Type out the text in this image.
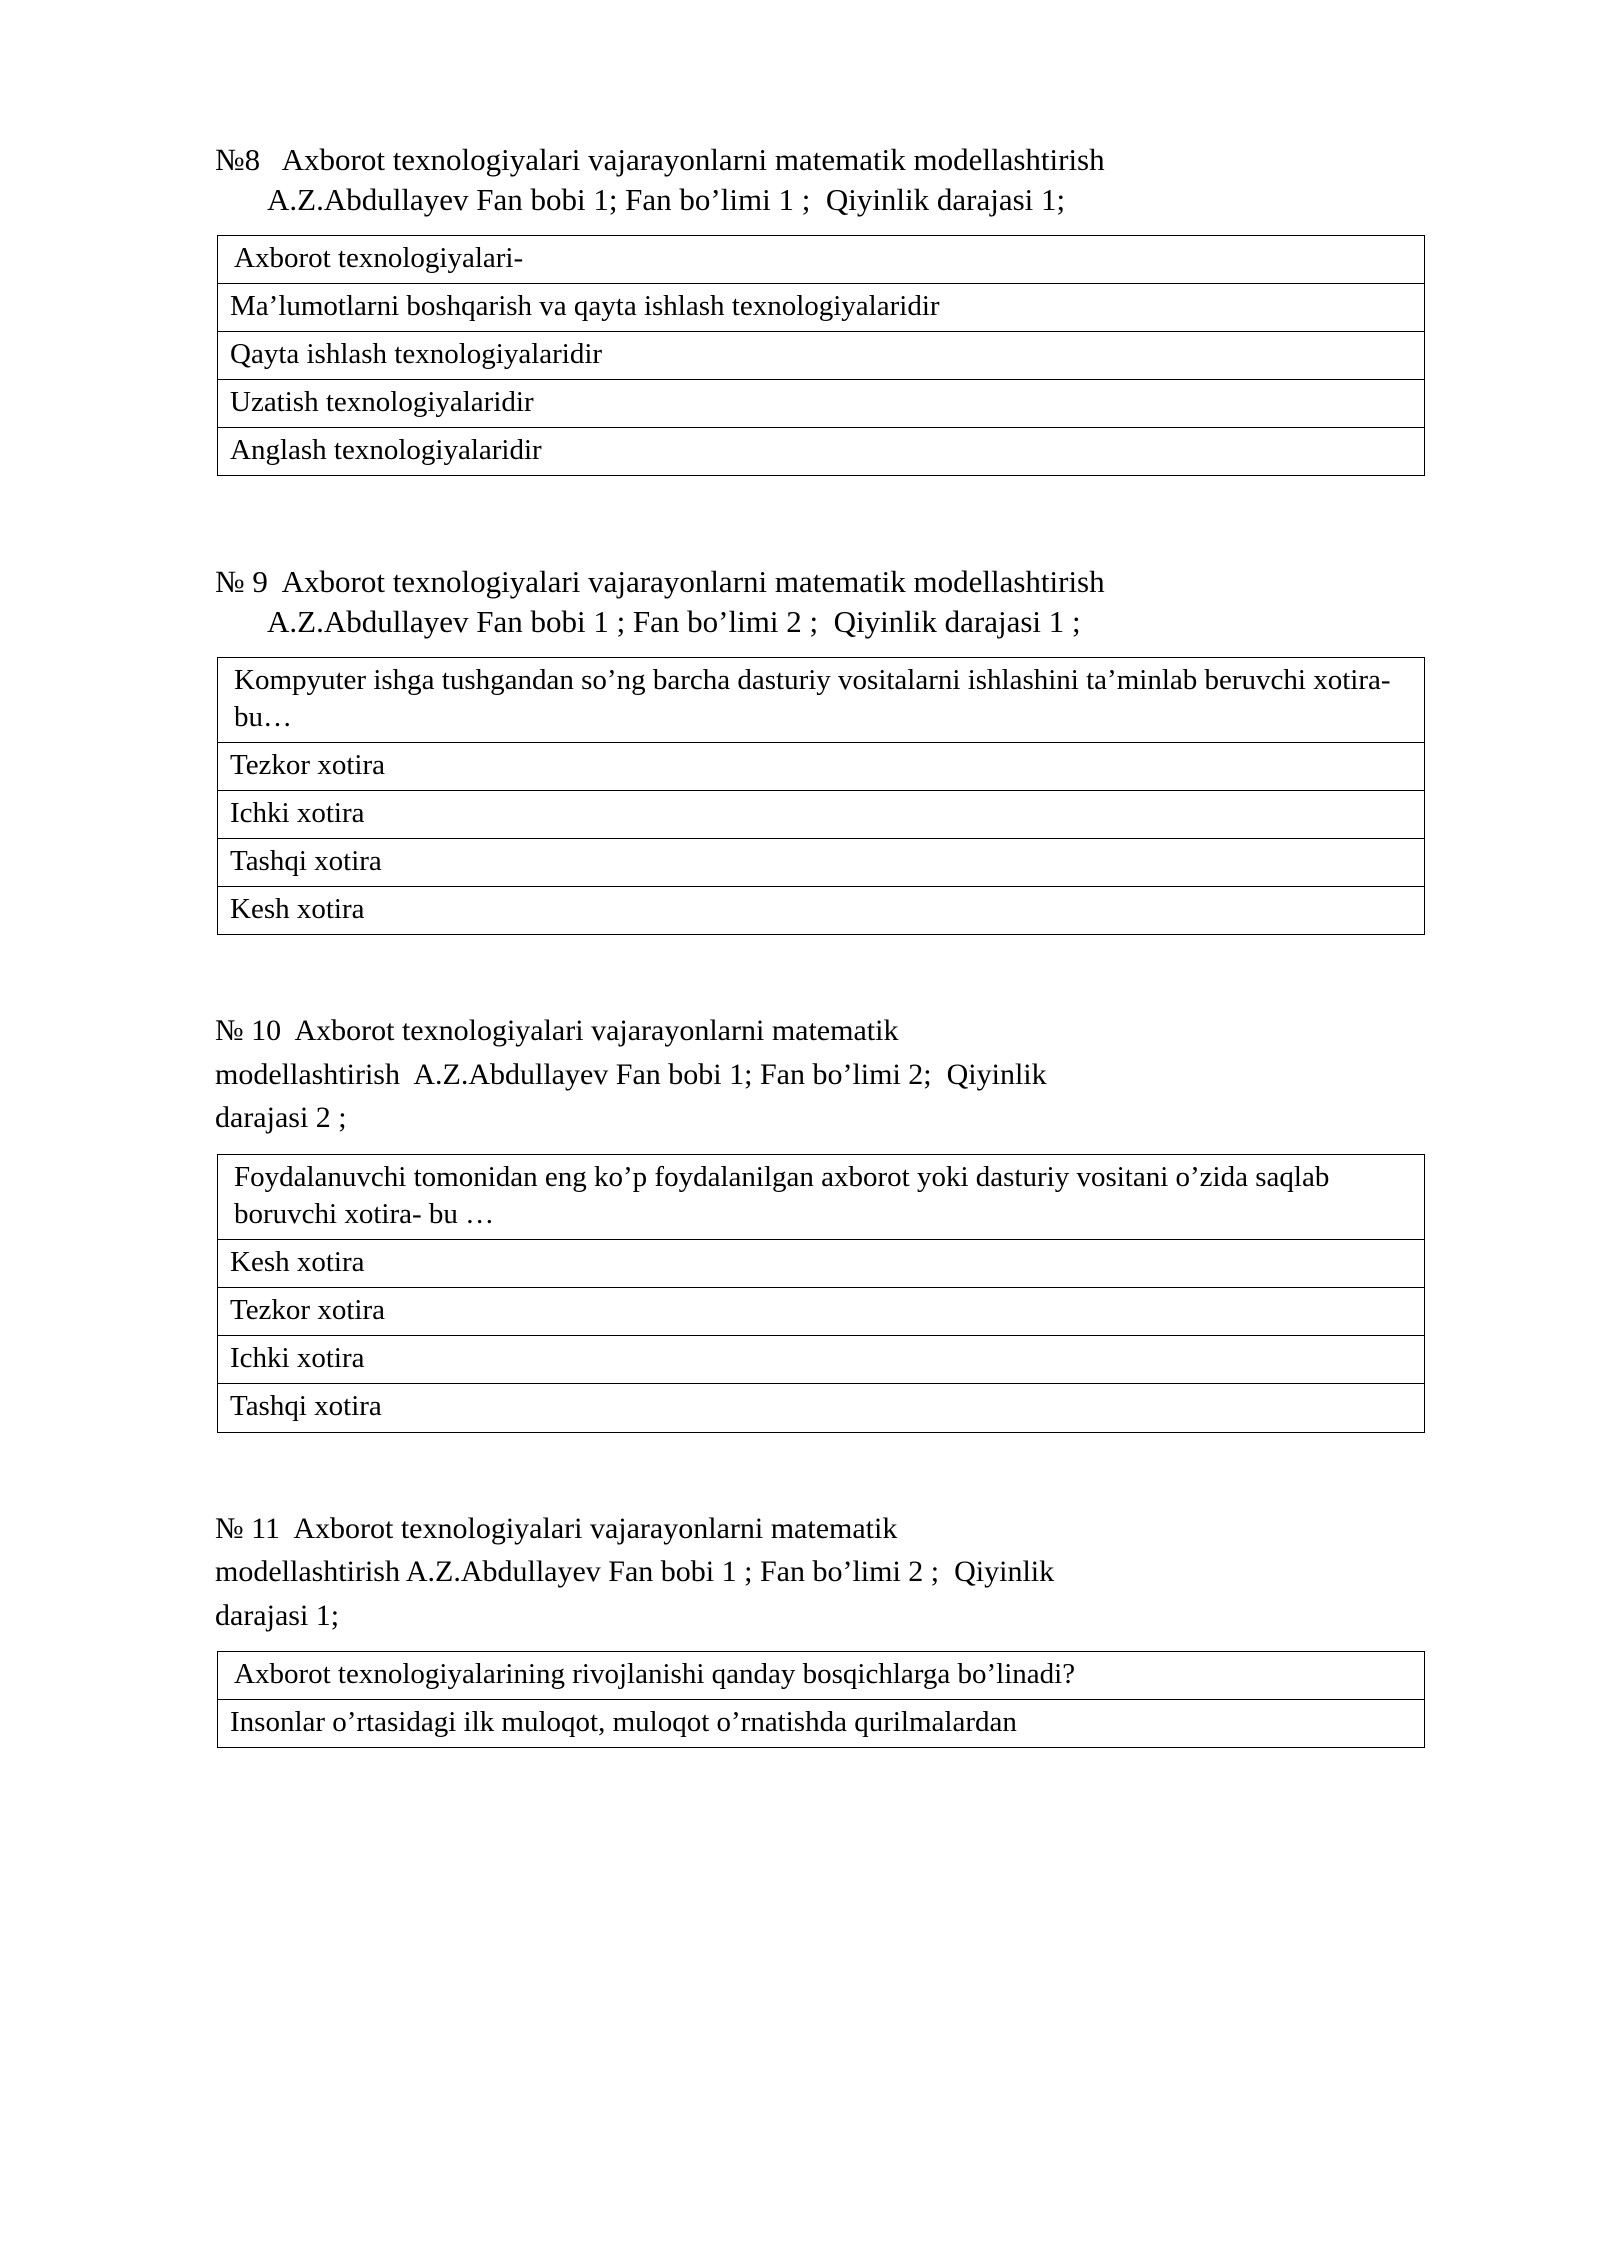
№8   Axborot texnologiyalari vajarayonlarni matematik modellashtirish
A.Z.Abdullayev Fan bobi 1; Fan bo’limi 1 ;  Qiyinlik darajasi 1;
Axborot texnologiyalari-
Ma’lumotlarni boshqarish va qayta ishlash texnologiyalaridir
Qayta ishlash texnologiyalaridir
Uzatish texnologiyalaridir
Anglash texnologiyalaridir
№ 9  Axborot texnologiyalari vajarayonlarni matematik modellashtirish
A.Z.Abdullayev Fan bobi 1 ; Fan bo’limi 2 ;  Qiyinlik darajasi 1 ;
Kompyuter ishga tushgandan so’ng barcha dasturiy vositalarni ishlashini ta’minlab beruvchi xotira-bu…
Tezkor xotira
Ichki xotira
Tashqi xotira
Kesh xotira
№ 10  Axborot texnologiyalari vajarayonlarni matematik
modellashtirish  A.Z.Abdullayev Fan bobi 1; Fan bo’limi 2;  Qiyinlik
darajasi 2 ;
Foydalanuvchi tomonidan eng ko’p foydalanilgan axborot yoki dasturiy vositani o’zida saqlab boruvchi xotira- bu …
Kesh xotira
Tezkor xotira
Ichki xotira
Tashqi xotira
№ 11  Axborot texnologiyalari vajarayonlarni matematik
modellashtirish A.Z.Abdullayev Fan bobi 1 ; Fan bo’limi 2 ;  Qiyinlik
darajasi 1;
Axborot texnologiyalarining rivojlanishi qanday bosqichlarga bo’linadi?
Insonlar o’rtasidagi ilk muloqot, muloqot o’rnatishda qurilmalardan
